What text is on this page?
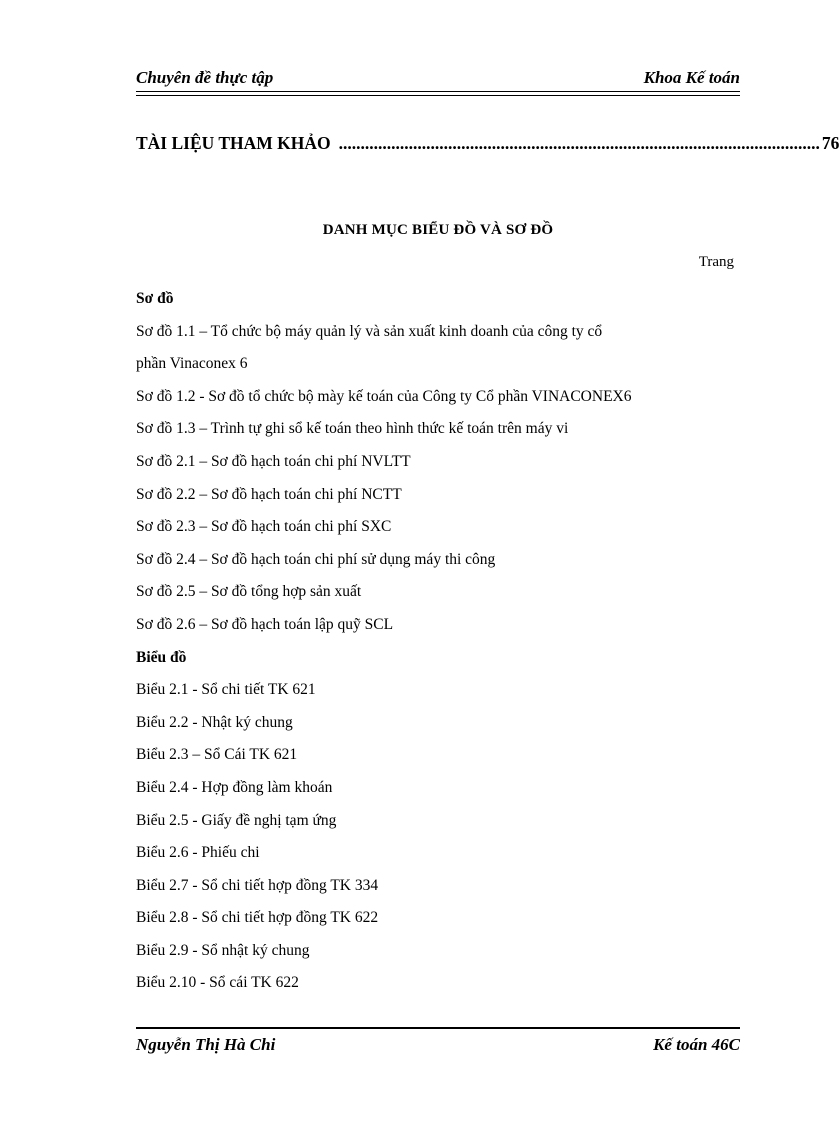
Chuyên đề thực tập	Khoa Kế toán
TÀI LIỆU THAM KHẢO .............................................................................................................. 76
DANH MỤC BIỂU ĐỒ VÀ SƠ ĐỒ
Trang
Sơ đồ
Sơ đồ 1.1 – Tổ chức bộ máy quản lý và sản xuất kinh doanh của công ty cổ
phần Vinaconex 6
Sơ đồ 1.2 - Sơ đồ tổ chức bộ mày kế toán của Công ty Cổ phần VINACONEX6
Sơ đồ 1.3 – Trình tự ghi sổ kế toán theo hình thức kế toán trên máy vi
Sơ đồ 2.1 – Sơ đồ hạch toán chi phí NVLTT
Sơ đồ 2.2 – Sơ đồ hạch toán chi phí NCTT
Sơ đồ 2.3 – Sơ đồ hạch toán chi phí SXC
Sơ đồ 2.4 – Sơ đồ hạch toán chi phí sử dụng máy thi công
Sơ đồ 2.5 – Sơ đồ tổng hợp sản xuất
Sơ đồ 2.6 – Sơ đồ hạch toán lập quỹ SCL
Biểu đồ
Biểu 2.1 - Sổ chi tiết TK 621
Biểu 2.2 - Nhật ký chung
Biểu 2.3 – Sổ Cái TK 621
Biểu 2.4 - Hợp đồng làm khoán
Biểu 2.5 - Giấy đề nghị tạm ứng
Biểu 2.6 - Phiếu chi
Biểu 2.7 - Sổ chi tiết hợp đồng TK 334
Biểu 2.8 - Sổ chi tiết hợp đồng TK 622
Biểu 2.9 - Sổ nhật ký chung
Biểu 2.10 - Sổ cái TK 622
Nguyễn Thị Hà Chi	Kế toán 46C
